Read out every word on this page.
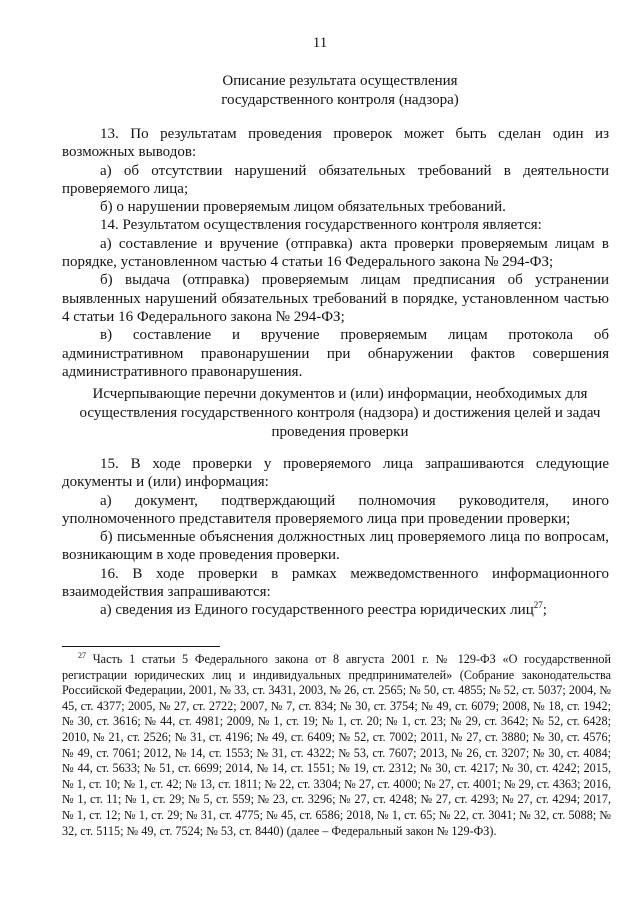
11
Описание результата осуществления
государственного контроля (надзора)

13. По результатам проведения проверок может быть сделан один из возможных выводов:

а) об отсутствии нарушений обязательных требований в деятельности проверяемого лица;

б) о нарушении проверяемым лицом обязательных требований.

14. Результатом осуществления государственного контроля является:

а) составление и вручение (отправка) акта проверки проверяемым лицам в порядке, установленном частью 4 статьи 16 Федерального закона № 294-ФЗ;

б) выдача (отправка) проверяемым лицам предписания об устранении выявленных нарушений обязательных требований в порядке, установленном частью 4 статьи 16 Федерального закона № 294-ФЗ;

в) составление и вручение проверяемым лицам протокола об административном правонарушении при обнаружении фактов совершения административного правонарушения.

Исчерпывающие перечни документов и (или) информации, необходимых для
осуществления государственного контроля (надзора) и достижения целей и задач
проведения проверки

15. В ходе проверки у проверяемого лица запрашиваются следующие документы и (или) информация:

а) документ, подтверждающий полномочия руководителя, иного уполномоченного представителя проверяемого лица при проведении проверки;

б) письменные объяснения должностных лиц проверяемого лица по вопросам, возникающим в ходе проведения проверки.

16. В ходе проверки в рамках межведомственного информационного взаимодействия запрашиваются:

а) сведения из Единого государственного реестра юридических лиц$^{27}$;

$^{27}$ Часть 1 статьи 5 Федерального закона от 8 августа 2001 г. № 129-ФЗ «О государственной регистрации юридических лиц и индивидуальных предпринимателей» (Собрание законодательства Российской Федерации, 2001, № 33, ст. 3431, 2003, № 26, ст. 2565; № 50, ст. 4855; № 52, ст. 5037; 2004, № 45, ст. 4377; 2005, № 27, ст. 2722; 2007, № 7, ст. 834; № 30, ст. 3754; № 49, ст. 6079; 2008, № 18, ст. 1942; № 30, ст. 3616; № 44, ст. 4981; 2009, № 1, ст. 19; № 1, ст. 20; № 1, ст. 23; № 29, ст. 3642; № 52, ст. 6428; 2010, № 21, ст. 2526; № 31, ст. 4196; № 49, ст. 6409; № 52, ст. 7002; 2011, № 27, ст. 3880; № 30, ст. 4576; № 49, ст. 7061; 2012, № 14, ст. 1553; № 31, ст. 4322; № 53, ст. 7607; 2013, № 26, ст. 3207; № 30, ст. 4084; № 44, ст. 5633; № 51, ст. 6699; 2014, № 14, ст. 1551; № 19, ст. 2312; № 30, ст. 4217; № 30, ст. 4242; 2015, № 1, ст. 10; № 1, ст. 42; № 13, ст. 1811; № 22, ст. 3304; № 27, ст. 4000; № 27, ст. 4001; № 29, ст. 4363; 2016, № 1, ст. 11; № 1, ст. 29; № 5, ст. 559; № 23, ст. 3296; № 27, ст. 4248; № 27, ст. 4293; № 27, ст. 4294; 2017, № 1, ст. 12; № 1, ст. 29; № 31, ст. 4775; № 45, ст. 6586; 2018, № 1, ст. 65; № 22, ст. 3041; № 32, ст. 5088; № 32, ст. 5115; № 49, ст. 7524; № 53, ст. 8440) (далее – Федеральный закон № 129-ФЗ).
